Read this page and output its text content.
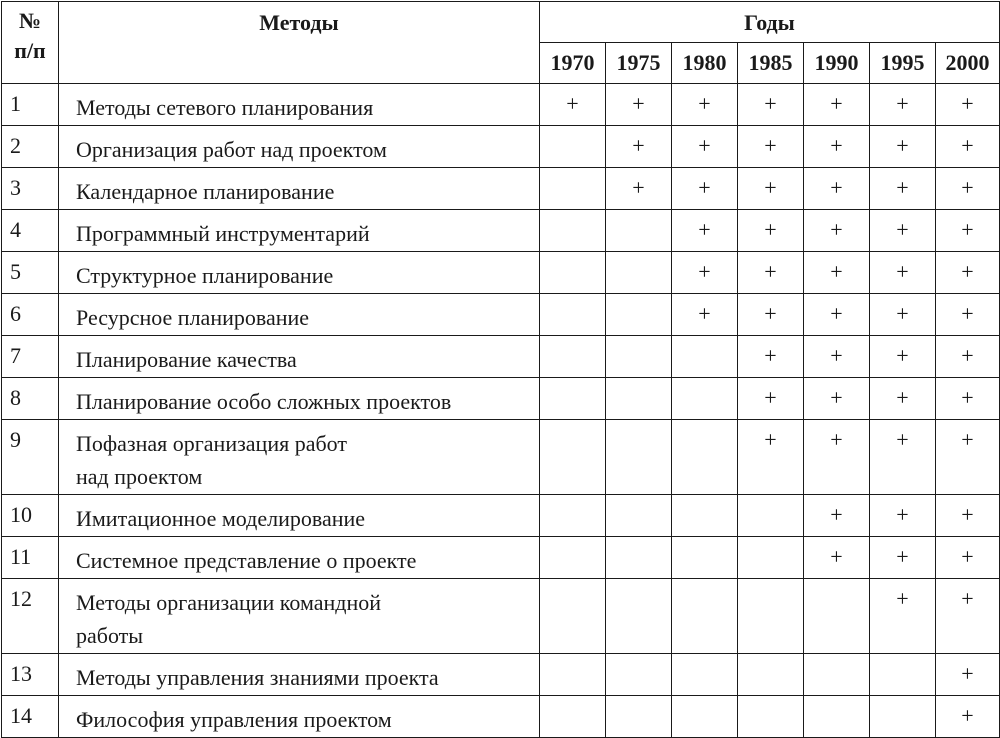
№
п/п	Методы	Годы						
		1970	1975	1980	1985	1990	1995	2000
1	Методы сетевого планирования	+	+	+	+	+	+	+
2	Организация работ над проектом		+	+	+	+	+	+
3	Календарное планирование		+	+	+	+	+	+
4	Программный инструментарий			+	+	+	+	+
5	Структурное планирование			+	+	+	+	+
6	Ресурсное планирование			+	+	+	+	+
7	Планирование качества				+	+	+	+
8	Планирование особо сложных проектов				+	+	+	+
9	Пофазная организация работ
над проектом				+	+	+	+
10	Имитационное моделирование					+	+	+
11	Системное представление о проекте					+	+	+
12	Методы организации командной
работы						+	+
13	Методы управления знаниями проекта							+
14	Философия управления проектом							+
